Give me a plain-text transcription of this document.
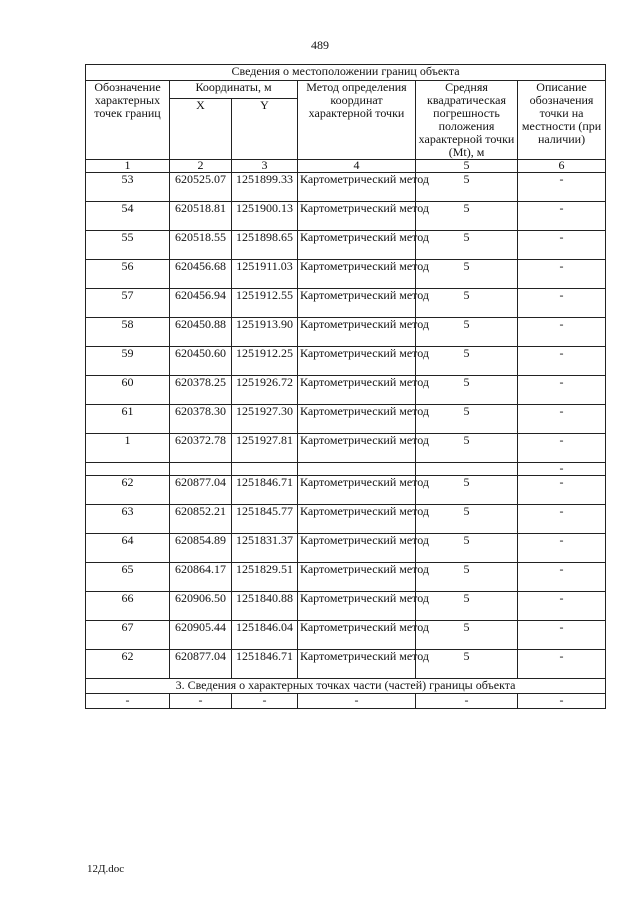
489
Сведения о местоположении границ объекта					
Обозначение характерных точек границ	Координаты, м		Метод определения координат характерной точки	Средняя квадратическая погрешность положения характерной точки (Mt), м	Описание обозначения точки на местности (при наличии)
	X	Y			
1	2	3	4	5	6
53	620525.07	1251899.33	Картометрический метод	5	-
54	620518.81	1251900.13	Картометрический метод	5	-
55	620518.55	1251898.65	Картометрический метод	5	-
56	620456.68	1251911.03	Картометрический метод	5	-
57	620456.94	1251912.55	Картометрический метод	5	-
58	620450.88	1251913.90	Картометрический метод	5	-
59	620450.60	1251912.25	Картометрический метод	5	-
60	620378.25	1251926.72	Картометрический метод	5	-
61	620378.30	1251927.30	Картометрический метод	5	-
1	620372.78	1251927.81	Картометрический метод	5	-
					-
62	620877.04	1251846.71	Картометрический метод	5	-
63	620852.21	1251845.77	Картометрический метод	5	-
64	620854.89	1251831.37	Картометрический метод	5	-
65	620864.17	1251829.51	Картометрический метод	5	-
66	620906.50	1251840.88	Картометрический метод	5	-
67	620905.44	1251846.04	Картометрический метод	5	-
62	620877.04	1251846.71	Картометрический метод	5	-
3. Сведения о характерных точках части (частей) границы объекта					
-	-	-	-	-	-
12Д.doc
